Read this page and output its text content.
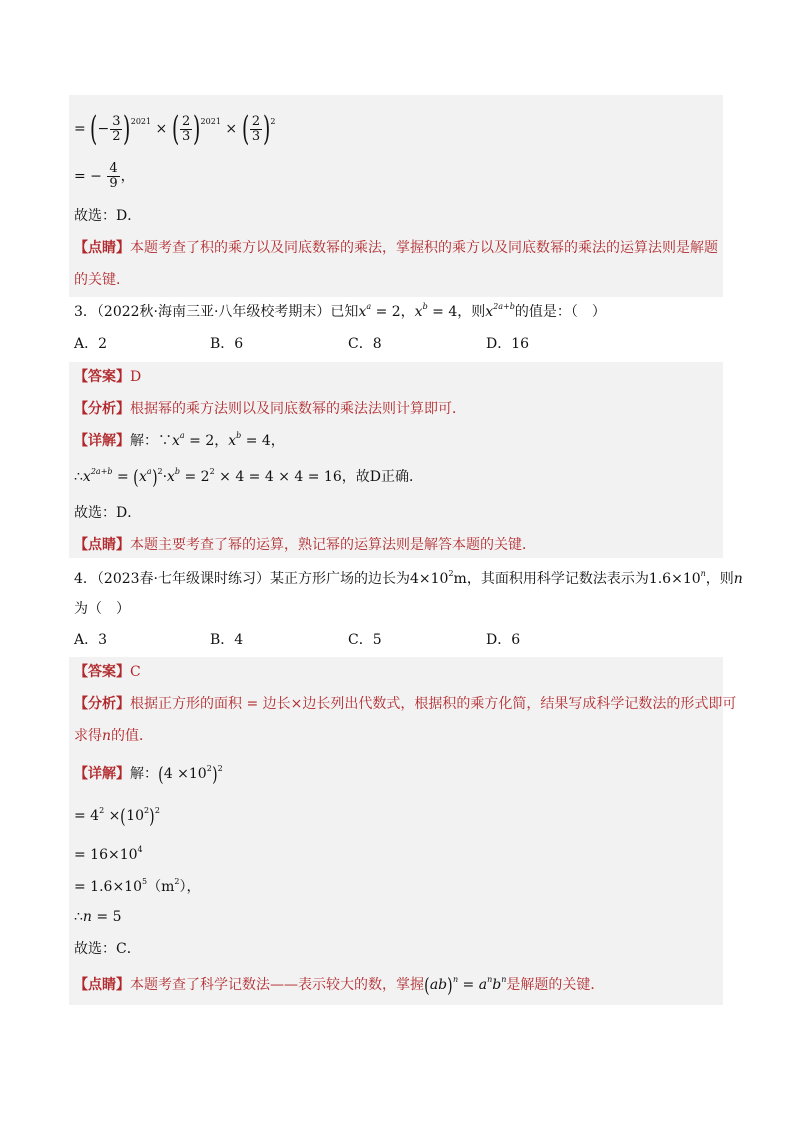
= (− $\frac{3}{2} )^{2021}$ × ( $\frac{2}{3} )^{2021}$ × ( $\frac{2}{3} )^2$
= − $\frac{4}{9}$ ，
故选：D．
【点睛】本题考查了积的乘方以及同底数幂的乘法，掌握积的乘方以及同底数幂的乘法的运算法则是解题
的关键．
3．（2022秋·海南三亚·八年级校考期末）已知$x^a = 2$，$x^b = 4$，则$x^{2a+b}$的值是：（　）
A．2	B．6	C．8	D．16
【答案】D
【分析】根据幂的乘方法则以及同底数幂的乘法法则计算即可．
【详解】解：$\because x^a = 2$，$x^b = 4$，
$\therefore x^{2a+b} = (x^a)^2\cdot x^b = 2^2 \times 4 = 4 \times 4 = 16$，故D正确．
故选：D．
【点睛】本题主要考查了幂的运算，熟记幂的运算法则是解答本题的关键．
4．（2023春·七年级课时练习）某正方形广场的边长为$4\times 10^2m$，其面积用科学记数法表示为$1.6\times 10^n$，则n
为（　）
A．3	B．4	C．5	D．6
【答案】C
【分析】根据正方形的面积 = 边长×边长列出代数式，根据积的乘方化简，结果写成科学记数法的形式即可
求得n的值．
【详解】解：$(4 \times 10^2)^2$
= $4^2 \times(10^2)^2$
= $16\times 10^4$
= $1.6\times 10^5(m^2)$，
∴n = 5
故选：C．
【点睛】本题考查了科学记数法——表示较大的数，掌握$(ab)^n = a^nb^n$是解题的关键．
